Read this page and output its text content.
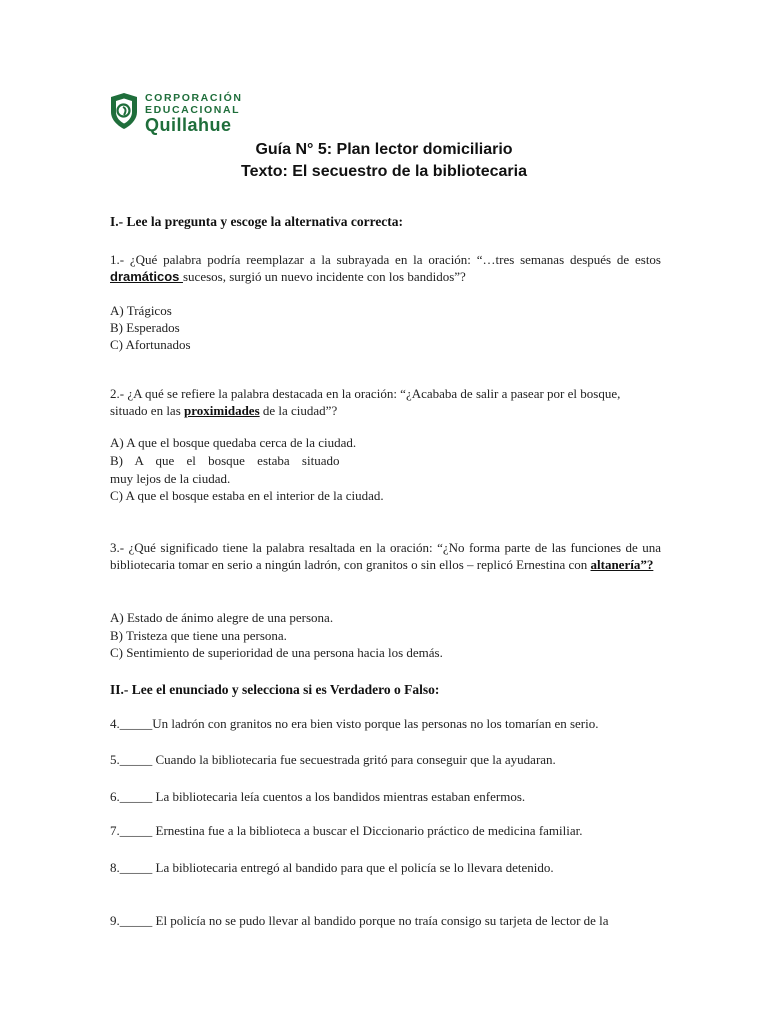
CORPORACIÓN
EDUCACIONAL
Quillahue
Guía N° 5: Plan lector domiciliario
Texto: El secuestro de la bibliotecaria
I.- Lee la pregunta y escoge la alternativa correcta:
1.- ¿Qué palabra podría reemplazar a la subrayada en la oración: “…tres semanas después de estos dramáticos sucesos, surgió un nuevo incidente con los bandidos”?
A) Trágicos
B) Esperados
C) Afortunados
2.- ¿A qué se refiere la palabra destacada en la oración: “¿Acababa de salir a pasear por el bosque, situado en las proximidades de la ciudad”?
A) A que el bosque quedaba cerca de la ciudad.
B) A que el bosque estaba situado
muy lejos de la ciudad.
C) A que el bosque estaba en el interior de la ciudad.
3.- ¿Qué significado tiene la palabra resaltada en la oración: “¿No forma parte de las funciones de una bibliotecaria tomar en serio a ningún ladrón, con granitos o sin ellos – replicó Ernestina con altanería”?
A) Estado de ánimo alegre de una persona.
B) Tristeza que tiene una persona.
C) Sentimiento de superioridad de una persona hacia los demás.
II.- Lee el enunciado y selecciona si es Verdadero o Falso:
4._____Un ladrón con granitos no era bien visto porque las personas no los tomarían en serio.
5._____ Cuando la bibliotecaria fue secuestrada gritó para conseguir que la ayudaran.
6._____ La bibliotecaria leía cuentos a los bandidos mientras estaban enfermos.
7._____ Ernestina fue a la biblioteca a buscar el Diccionario práctico de medicina familiar.
8._____ La bibliotecaria entregó al bandido para que el policía se lo llevara detenido.
9._____ El policía no se pudo llevar al bandido porque no traía consigo su tarjeta de lector de la
